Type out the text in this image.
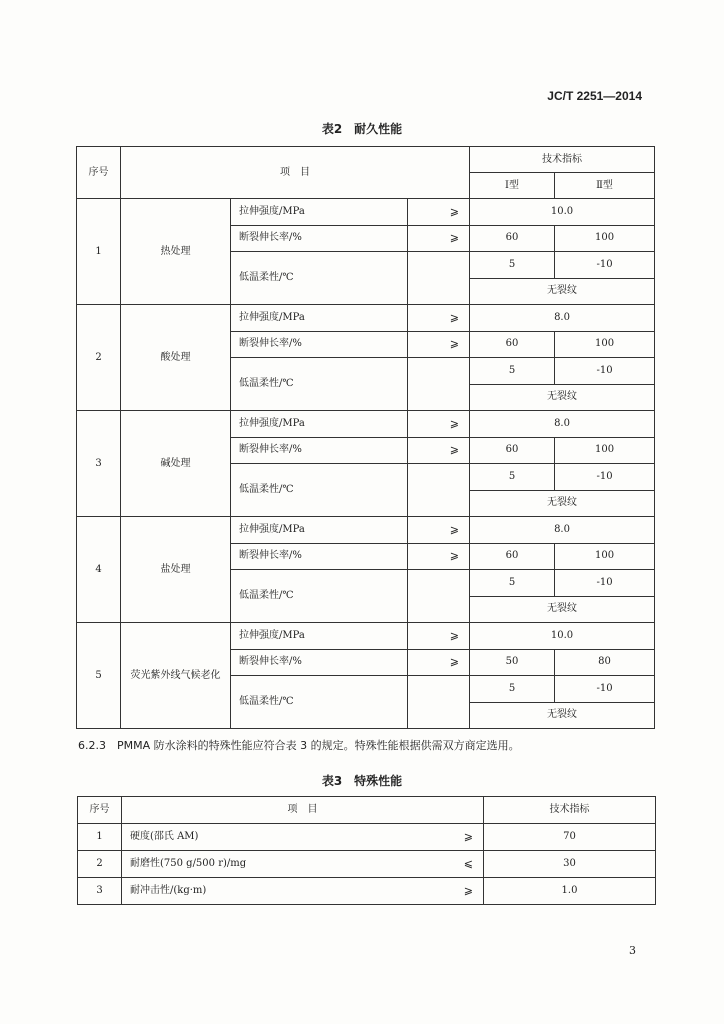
JC/T 2251—2014
表2　耐久性能
序号	项　目			技术指标	
				Ⅰ型	Ⅱ型
1	热处理	拉伸强度/MPa	⩾	10.0	
		断裂伸长率/%	⩾	60	100
		低温柔性/℃		5	-10
				无裂纹	
2	酸处理	拉伸强度/MPa	⩾	8.0	
		断裂伸长率/%	⩾	60	100
		低温柔性/℃		5	-10
				无裂纹	
3	碱处理	拉伸强度/MPa	⩾	8.0	
		断裂伸长率/%	⩾	60	100
		低温柔性/℃		5	-10
				无裂纹	
4	盐处理	拉伸强度/MPa	⩾	8.0	
		断裂伸长率/%	⩾	60	100
		低温柔性/℃		5	-10
				无裂纹	
5	荧光紫外线气候老化	拉伸强度/MPa	⩾	10.0	
		断裂伸长率/%	⩾	50	80
		低温柔性/℃		5	-10
				无裂纹	
6.2.3　PMMA 防水涂料的特殊性能应符合表 3 的规定。特殊性能根据供需双方商定选用。
表3　特殊性能
序号	项　目		技术指标
1	硬度(邵氏 AM)	⩾	70
2	耐磨性(750 g/500 r)/mg	⩽	30
3	耐冲击性/(kg·m)	⩾	1.0
3
